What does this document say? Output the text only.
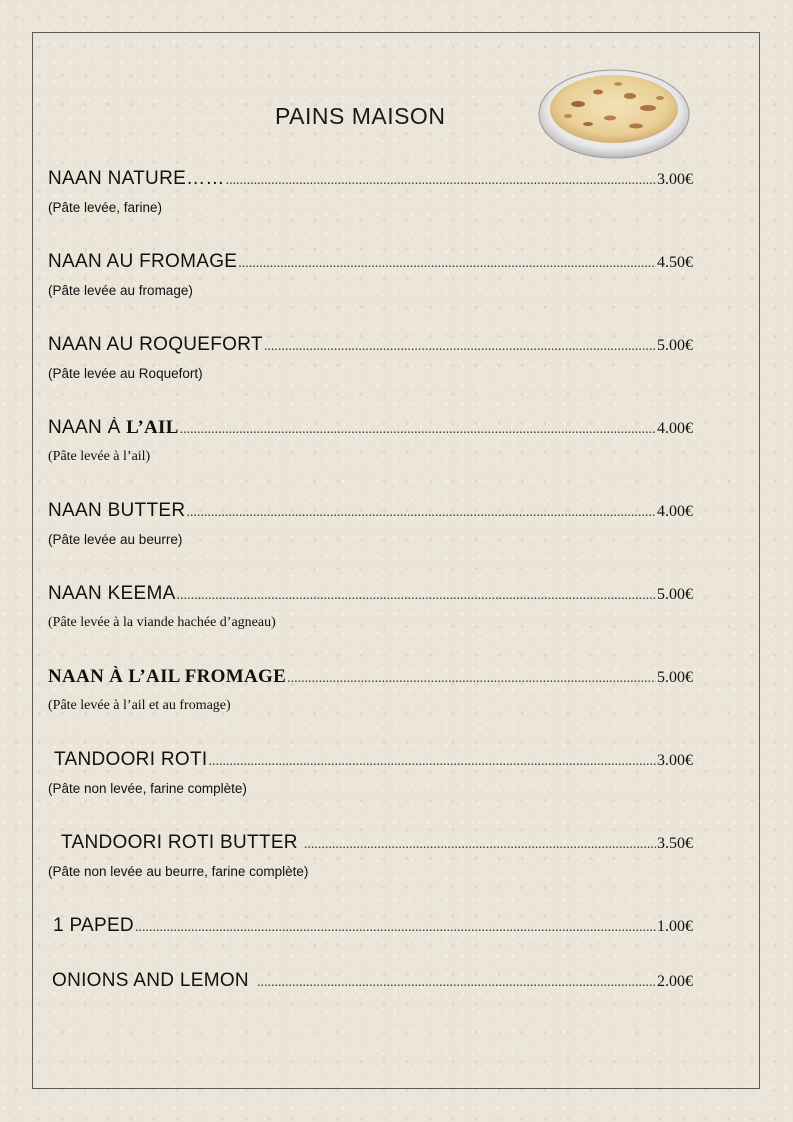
PAINS MAISON
NAAN NATURE…… .....	3.00€
(Pâte levée, farine)
NAAN AU FROMAGE .....	4.50€
(Pâte levée au fromage)
NAAN AU ROQUEFORT .....	5.00€
(Pâte levée au Roquefort)
NAAN À L’AIL .....	4.00€
(Pâte levée à l’ail)
NAAN BUTTER .....	4.00€
(Pâte levée au beurre)
NAAN KEEMA .....	5.00€
(Pâte levée à la viande hachée d’agneau)
NAAN À L’AIL FROMAGE .....	5.00€
(Pâte levée à l’ail et au fromage)
TANDOORI ROTI .....	3.00€
(Pâte non levée, farine complète)
TANDOORI ROTI BUTTER .....	3.50€
(Pâte non levée au beurre, farine complète)
1 PAPED .....	1.00€
ONIONS AND LEMON .....	2.00€
